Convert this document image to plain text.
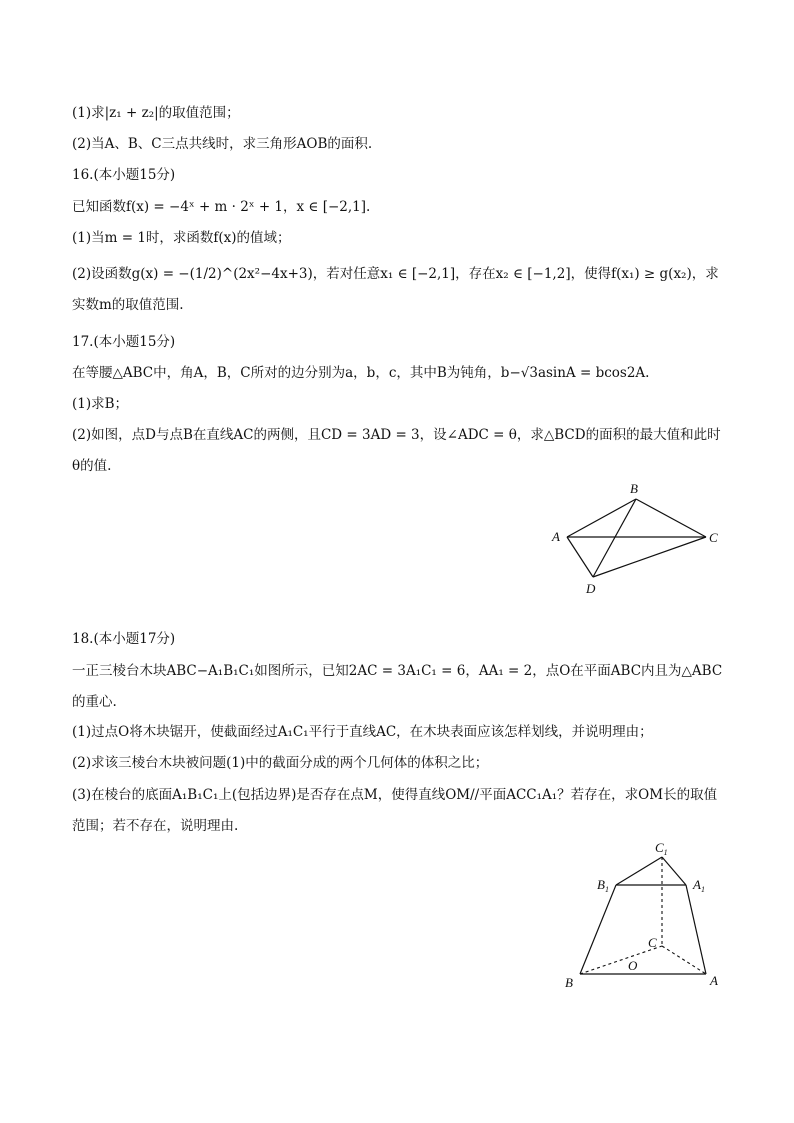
(1)求|z₁ + z₂|的取值范围；
(2)当A、B、C三点共线时，求三角形AOB的面积.
16.(本小题15分)
已知函数f(x) = −4ˣ + m · 2ˣ + 1，x ∈ [−2,1].
(1)当m = 1时，求函数f(x)的值域；
(2)设函数g(x) = −(1/2)^(2x²−4x+3)，若对任意x₁ ∈ [−2,1]，存在x₂ ∈ [−1,2]，使得f(x₁) ≥ g(x₂)，求实数m的取值范围.
17.(本小题15分)
在等腰△ABC中，角A，B，C所对的边分别为a，b，c，其中B为钝角，b−√3asinA = bcos2A.
(1)求B；
(2)如图，点D与点B在直线AC的两侧，且CD = 3AD = 3，设∠ADC = θ，求△BCD的面积的最大值和此时θ的值.
B
A	C
D
18.(本小题17分)
一正三棱台木块ABC−A₁B₁C₁如图所示，已知2AC = 3A₁C₁ = 6，AA₁ = 2，点O在平面ABC内且为△ABC的重心.
(1)过点O将木块锯开，使截面经过A₁C₁平行于直线AC，在木块表面应该怎样划线，并说明理由；
(2)求该三棱台木块被问题(1)中的截面分成的两个几何体的体积之比；
(3)在棱台的底面A₁B₁C₁上(包括边界)是否存在点M，使得直线OM//平面ACC₁A₁？若存在，求OM长的取值范围；若不存在，说明理由.
$C_1$
$B_1$	$A_1$
C
O
B	A
